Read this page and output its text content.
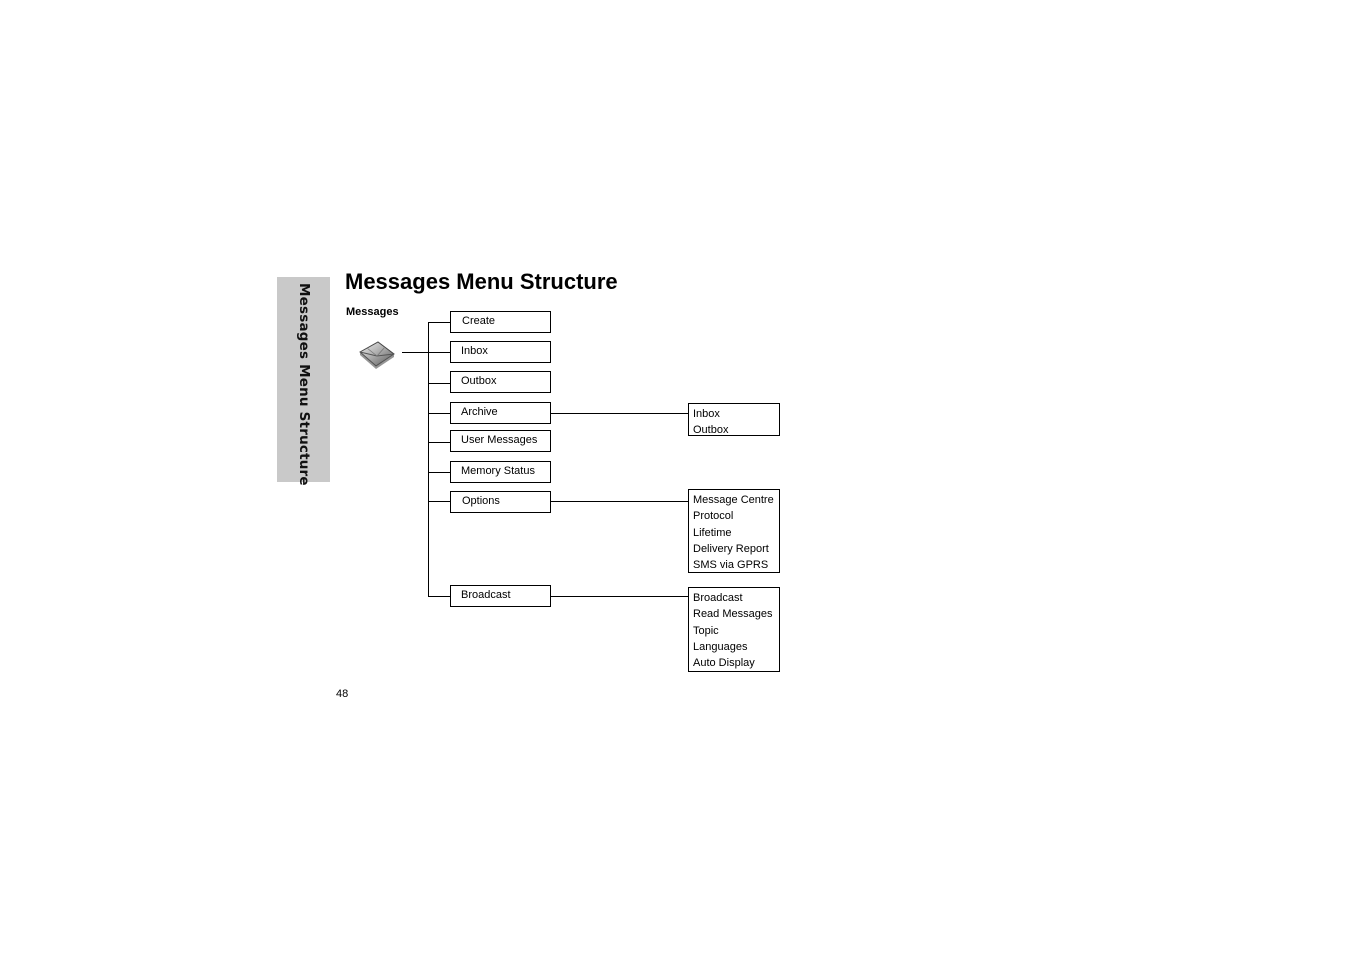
Messages Menu Structure
Messages Menu Structure
Messages
Create
Inbox
Outbox
Archive
User Messages
Memory Status
Options
Broadcast
Inbox
Outbox
Message Centre
Protocol
Lifetime
Delivery Report
SMS via GPRS
Broadcast
Read Messages
Topic
Languages
Auto Display
48
